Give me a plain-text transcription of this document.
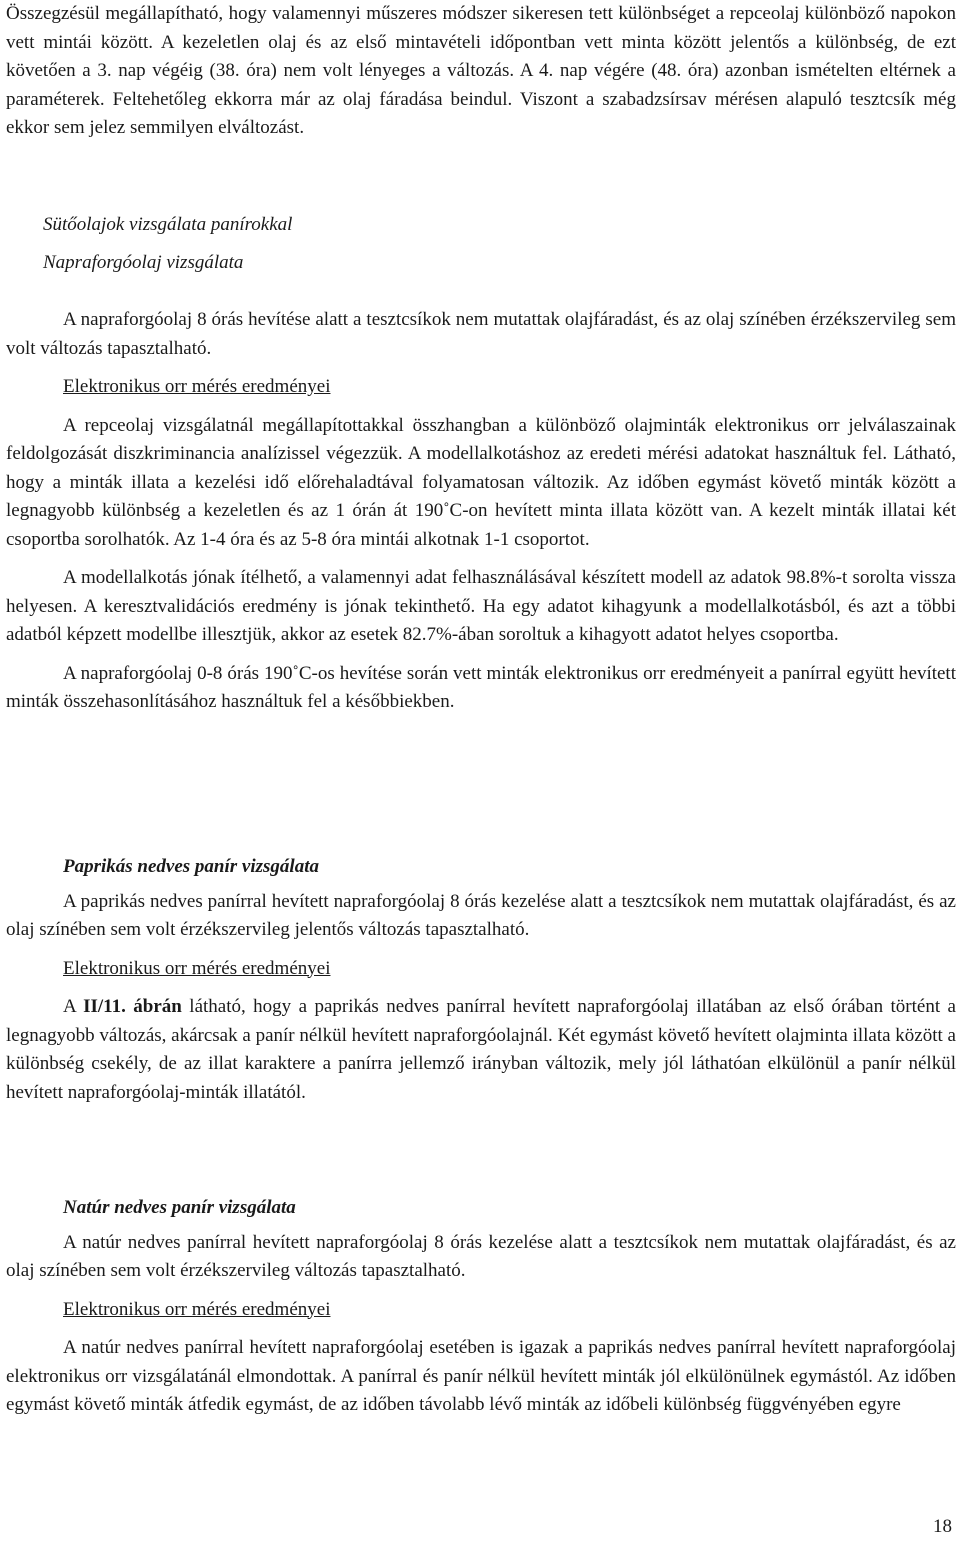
Összegzésül megállapítható, hogy valamennyi műszeres módszer sikeresen tett különbséget a repceolaj különböző napokon vett mintái között. A kezeletlen olaj és az első mintavételi időpontban vett minta között jelentős a különbség, de ezt követően a 3. nap végéig (38. óra) nem volt lényeges a változás. A 4. nap végére (48. óra) azonban ismételten eltérnek a paraméterek. Feltehetőleg ekkorra már az olaj fáradása beindul. Viszont a szabadzsírsav mérésen alapuló tesztcsík még ekkor sem jelez semmilyen elváltozást.

Sütőolajok vizsgálata panírokkal
Napraforgóolaj vizsgálata

A napraforgóolaj 8 órás hevítése alatt a tesztcsíkok nem mutattak olajfáradást, és az olaj színében érzékszervileg sem volt változás tapasztalható.

Elektronikus orr mérés eredményei

A repceolaj vizsgálatnál megállapítottakkal összhangban a különböző olajminták elektronikus orr jelválaszainak feldolgozását diszkriminancia analízissel végezzük. A modellalkotáshoz az eredeti mérési adatokat használtuk fel. Látható, hogy a minták illata a kezelési idő előrehaladtával folyamatosan változik. Az időben egymást követő minták között a legnagyobb különbség a kezeletlen és az 1 órán át 190˚C-on hevített minta illata között van. A kezelt minták illatai két csoportba sorolhatók. Az 1-4 óra és az 5-8 óra mintái alkotnak 1-1 csoportot.

A modellalkotás jónak ítélhető, a valamennyi adat felhasználásával készített modell az adatok 98.8%-t sorolta vissza helyesen. A keresztvalidációs eredmény is jónak tekinthető. Ha egy adatot kihagyunk a modellalkotásból, és azt a többi adatból képzett modellbe illesztjük, akkor az esetek 82.7%-ában soroltuk a kihagyott adatot helyes csoportba.

A napraforgóolaj 0-8 órás 190˚C-os hevítése során vett minták elektronikus orr eredményeit a panírral együtt hevített minták összehasonlításához használtuk fel a későbbiekben.

Paprikás nedves panír vizsgálata

A paprikás nedves panírral hevített napraforgóolaj 8 órás kezelése alatt a tesztcsíkok nem mutattak olajfáradást, és az olaj színében sem volt érzékszervileg jelentős változás tapasztalható.

Elektronikus orr mérés eredményei

A II/11. ábrán látható, hogy a paprikás nedves panírral hevített napraforgóolaj illatában az első órában történt a legnagyobb változás, akárcsak a panír nélkül hevített napraforgóolajnál. Két egymást követő hevített olajminta illata között a különbség csekély, de az illat karaktere a panírra jellemző irányban változik, mely jól láthatóan elkülönül a panír nélkül hevített napraforgóolaj-minták illatától.

Natúr nedves panír vizsgálata

A natúr nedves panírral hevített napraforgóolaj 8 órás kezelése alatt a tesztcsíkok nem mutattak olajfáradást, és az olaj színében sem volt érzékszervileg változás tapasztalható.

Elektronikus orr mérés eredményei

A natúr nedves panírral hevített napraforgóolaj esetében is igazak a paprikás nedves panírral hevített napraforgóolaj elektronikus orr vizsgálatánál elmondottak. A panírral és panír nélkül hevített minták jól elkülönülnek egymástól. Az időben egymást követő minták átfedik egymást, de az időben távolabb lévő minták az időbeli különbség függvényében egyre

18
